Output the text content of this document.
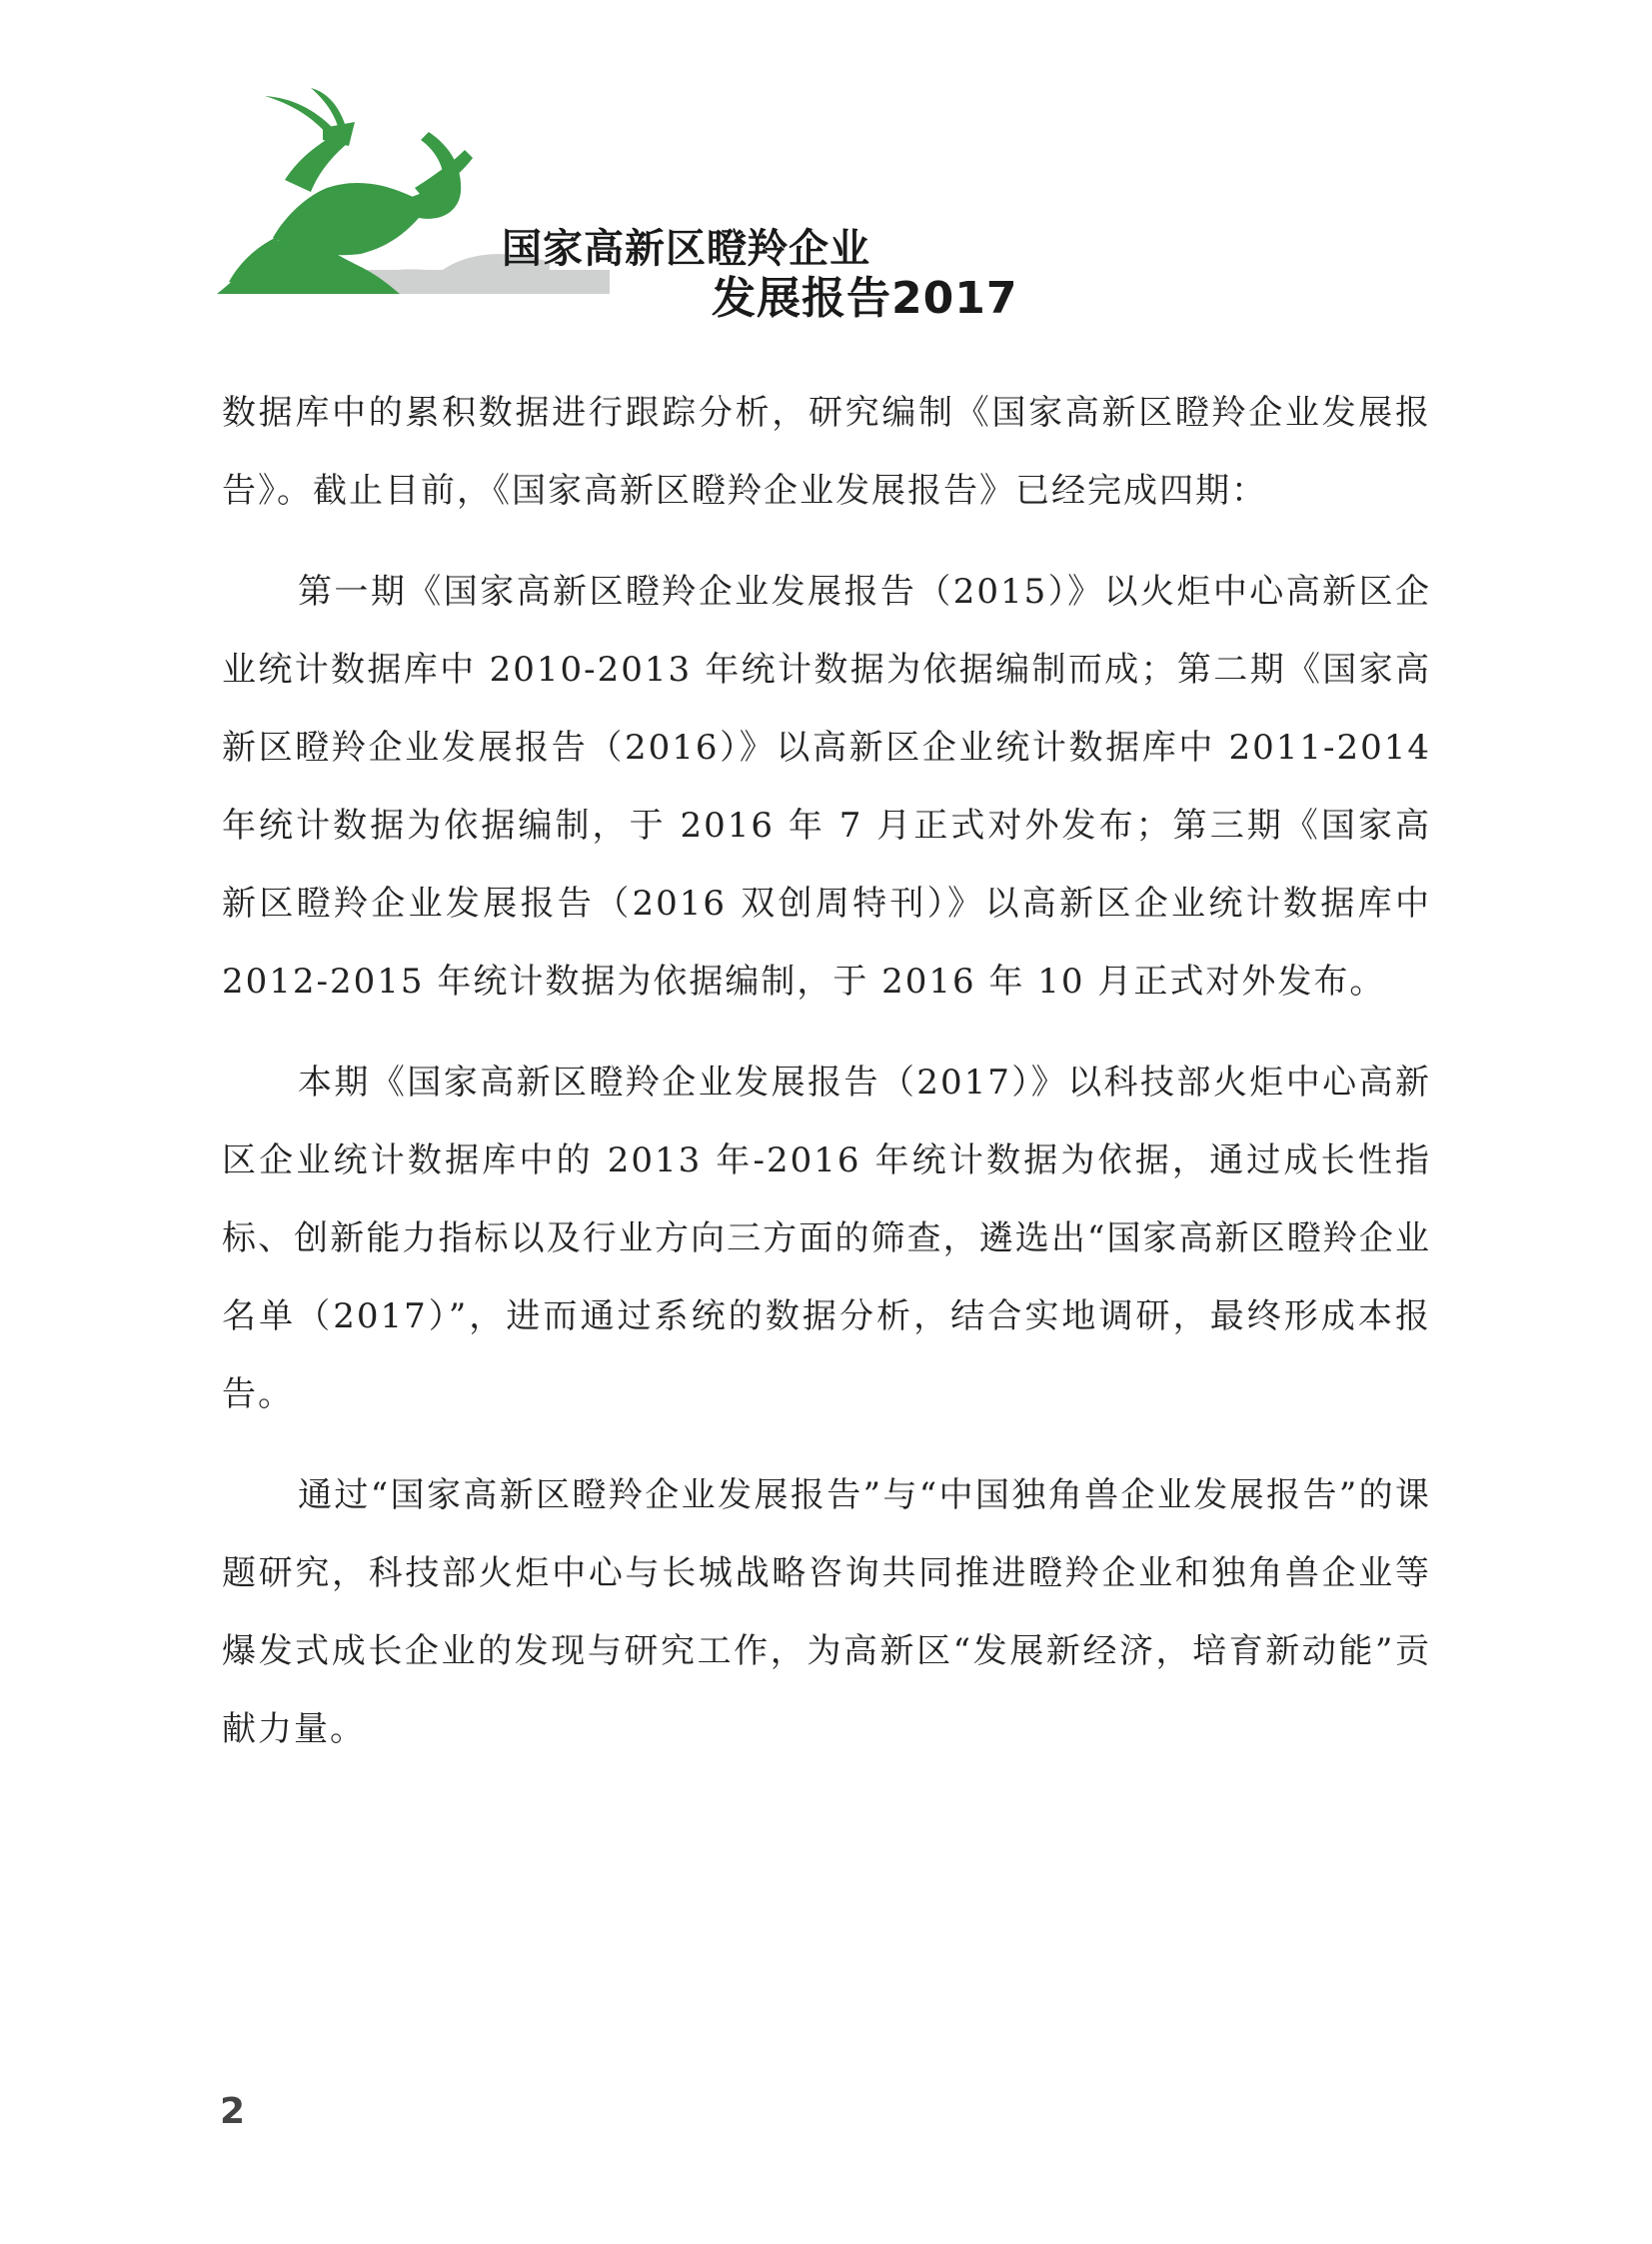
国家高新区瞪羚企业
发展报告2017

数据库中的累积数据进行跟踪分析，研究编制《国家高新区瞪羚企业发展报告》。截止目前，《国家高新区瞪羚企业发展报告》已经完成四期：

第一期《国家高新区瞪羚企业发展报告（2015）》以火炬中心高新区企业统计数据库中 2010-2013 年统计数据为依据编制而成；第二期《国家高新区瞪羚企业发展报告（2016）》以高新区企业统计数据库中 2011-2014 年统计数据为依据编制，于 2016 年 7 月正式对外发布；第三期《国家高新区瞪羚企业发展报告（2016 双创周特刊）》以高新区企业统计数据库中 2012-2015 年统计数据为依据编制，于 2016 年 10 月正式对外发布。

本期《国家高新区瞪羚企业发展报告（2017）》以科技部火炬中心高新区企业统计数据库中的 2013 年-2016 年统计数据为依据，通过成长性指标、创新能力指标以及行业方向三方面的筛查，遴选出“国家高新区瞪羚企业名单（2017）”，进而通过系统的数据分析，结合实地调研，最终形成本报告。

通过“国家高新区瞪羚企业发展报告”与“中国独角兽企业发展报告”的课题研究，科技部火炬中心与长城战略咨询共同推进瞪羚企业和独角兽企业等爆发式成长企业的发现与研究工作，为高新区“发展新经济，培育新动能”贡献力量。

2
